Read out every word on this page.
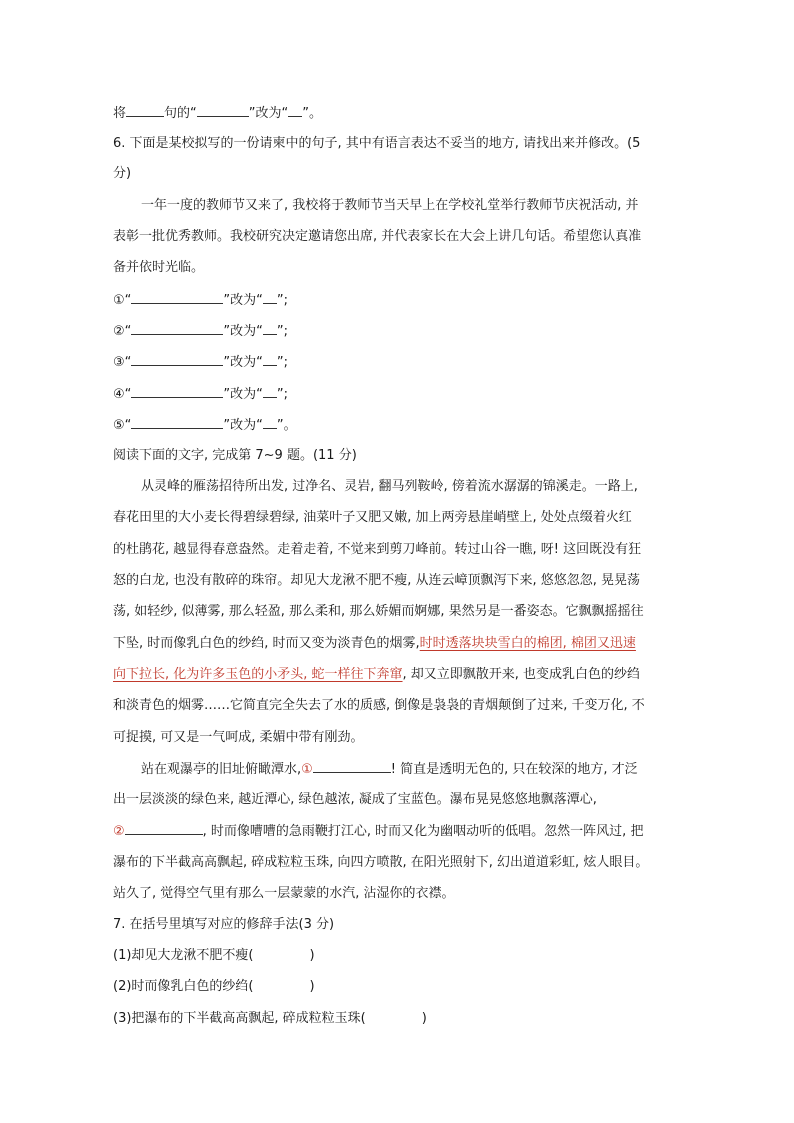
将	句的“	”改为“ ”。
6. 下面是某校拟写的一份请柬中的句子, 其中有语言表达不妥当的地方, 请找出来并修改。(5
分)
一年一度的教师节又来了, 我校将于教师节当天早上在学校礼堂举行教师节庆祝活动, 并
表彰一批优秀教师。我校研究决定邀请您出席, 并代表家长在大会上讲几句话。希望您认真准
备并依时光临。
①“	”改为“ ”;
②“	”改为“ ”;
③“	”改为“ ”;
④“	”改为“ ”;
⑤“	”改为“ ”。
阅读下面的文字, 完成第 7~9 题。(11 分)
从灵峰的雁荡招待所出发, 过净名、灵岩, 翻马列鞍岭, 傍着流水潺潺的锦溪走。一路上,
春花田里的大小麦长得碧绿碧绿, 油菜叶子又肥又嫩, 加上两旁悬崖峭壁上, 处处点缀着火红
的杜鹃花, 越显得春意盎然。走着走着, 不觉来到剪刀峰前。转过山谷一瞧, 呀! 这回既没有狂
怒的白龙, 也没有散碎的珠帘。却见大龙湫不肥不瘦, 从连云嶂顶飘泻下来, 悠悠忽忽, 晃晃荡
荡, 如轻纱, 似薄雾, 那么轻盈, 那么柔和, 那么娇媚而婀娜, 果然另是一番姿态。它飘飘摇摇往
下坠, 时而像乳白色的纱绉, 时而又变为淡青色的烟雾,时时透落块块雪白的棉团, 棉团又迅速
向下拉长, 化为许多玉色的小矛头, 蛇一样往下奔窜, 却又立即飘散开来, 也变成乳白色的纱绉
和淡青色的烟雾……它简直完全失去了水的质感, 倒像是袅袅的青烟颠倒了过来, 千变万化, 不
可捉摸, 可又是一气呵成, 柔媚中带有刚劲。
站在观瀑亭的旧址俯瞰潭水,①	! 简直是透明无色的, 只在较深的地方, 才泛
出一层淡淡的绿色来, 越近潭心, 绿色越浓, 凝成了宝蓝色。瀑布晃晃悠悠地飘落潭心,
②	, 时而像嘈嘈的急雨鞭打江心, 时而又化为幽咽动听的低唱。忽然一阵风过, 把
瀑布的下半截高高飘起, 碎成粒粒玉珠, 向四方喷散, 在阳光照射下, 幻出道道彩虹, 炫人眼目。
站久了, 觉得空气里有那么一层蒙蒙的水汽, 沾湿你的衣襟。
7. 在括号里填写对应的修辞手法(3 分)
(1)却见大龙湫不肥不瘦(	)
(2)时而像乳白色的纱绉(	)
(3)把瀑布的下半截高高飘起, 碎成粒粒玉珠(	)
